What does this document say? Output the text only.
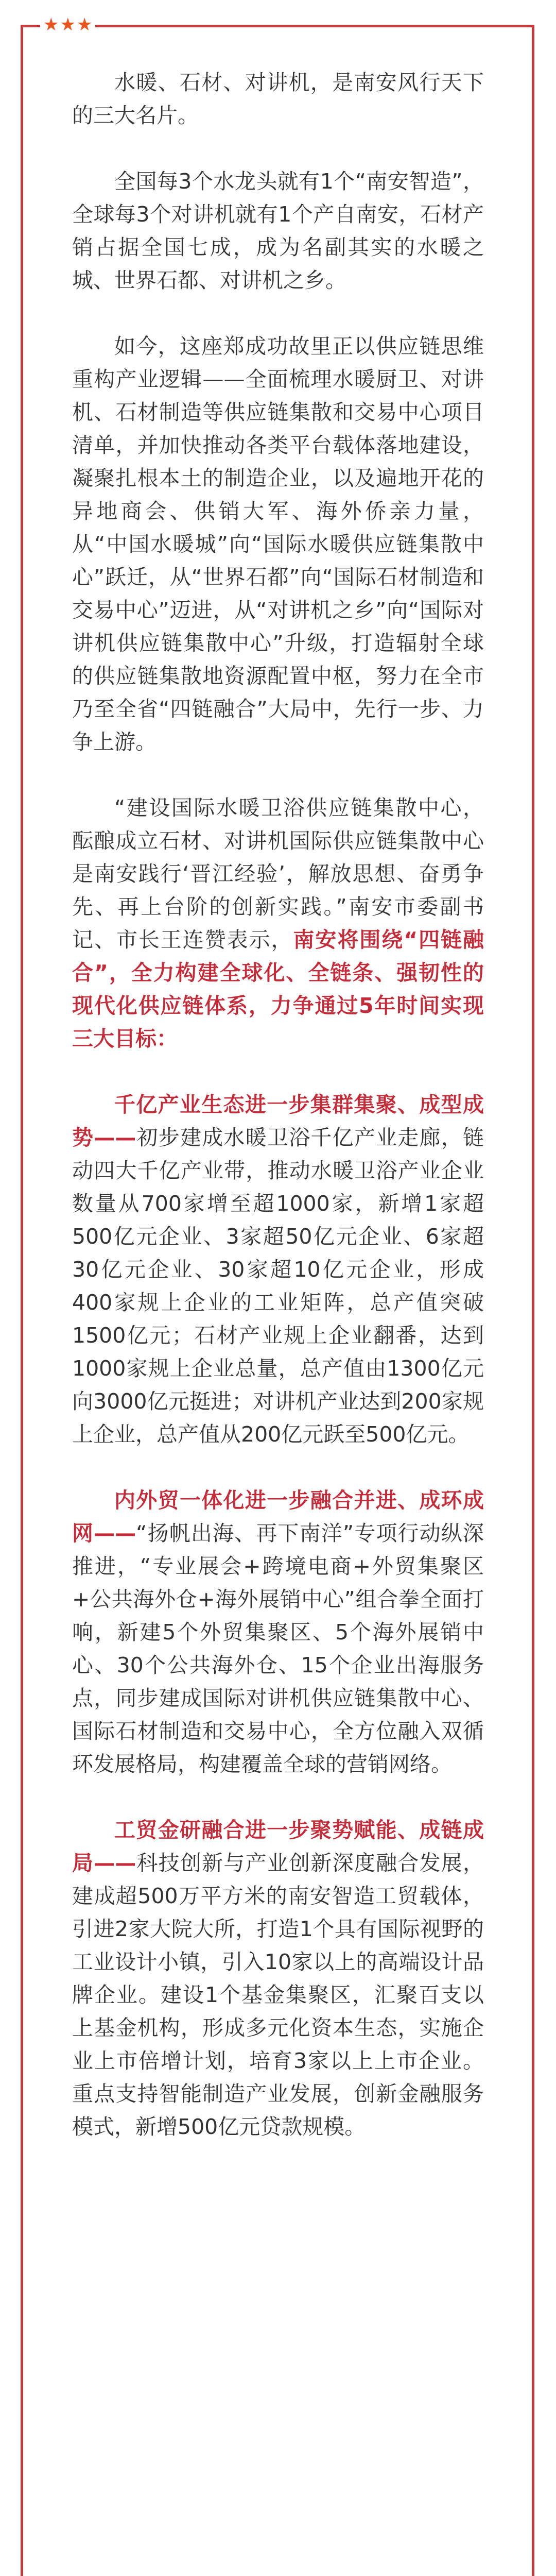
★ ★ ★

水暖、石材、对讲机，是南安风行天下的三大名片。

全国每3个水龙头就有1个“南安智造”，全球每3个对讲机就有1个产自南安，石材产销占据全国七成，成为名副其实的水暖之城、世界石都、对讲机之乡。

如今，这座郑成功故里正以供应链思维重构产业逻辑——全面梳理水暖厨卫、对讲机、石材制造等供应链集散和交易中心项目清单，并加快推动各类平台载体落地建设，凝聚扎根本土的制造企业，以及遍地开花的异地商会、供销大军、海外侨亲力量，从“中国水暖城”向“国际水暖供应链集散中心”跃迁，从“世界石都”向“国际石材制造和交易中心”迈进，从“对讲机之乡”向“国际对讲机供应链集散中心”升级，打造辐射全球的供应链集散地资源配置中枢，努力在全市乃至全省“四链融合”大局中，先行一步、力争上游。

“建设国际水暖卫浴供应链集散中心，酝酿成立石材、对讲机国际供应链集散中心是南安践行‘晋江经验’，解放思想、奋勇争先、再上台阶的创新实践。”南安市委副书记、市长王连赞表示，南安将围绕“四链融合”，全力构建全球化、全链条、强韧性的现代化供应链体系，力争通过5年时间实现三大目标：

千亿产业生态进一步集群集聚、成型成势——初步建成水暖卫浴千亿产业走廊，链动四大千亿产业带，推动水暖卫浴产业企业数量从700家增至超1000家，新增1家超500亿元企业、3家超50亿元企业、6家超30亿元企业、30家超10亿元企业，形成400家规上企业的工业矩阵，总产值突破1500亿元；石材产业规上企业翻番，达到1000家规上企业总量，总产值由1300亿元向3000亿元挺进；对讲机产业达到200家规上企业，总产值从200亿元跃至500亿元。

内外贸一体化进一步融合并进、成环成网——“扬帆出海、再下南洋”专项行动纵深推进，“专业展会+跨境电商+外贸集聚区+公共海外仓+海外展销中心”组合拳全面打响，新建5个外贸集聚区、5个海外展销中心、30个公共海外仓、15个企业出海服务点，同步建成国际对讲机供应链集散中心、国际石材制造和交易中心，全方位融入双循环发展格局，构建覆盖全球的营销网络。

工贸金研融合进一步聚势赋能、成链成局——科技创新与产业创新深度融合发展，建成超500万平方米的南安智造工贸载体，引进2家大院大所，打造1个具有国际视野的工业设计小镇，引入10家以上的高端设计品牌企业。建设1个基金集聚区，汇聚百支以上基金机构，形成多元化资本生态，实施企业上市倍增计划，培育3家以上上市企业。重点支持智能制造产业发展，创新金融服务模式，新增500亿元贷款规模。
